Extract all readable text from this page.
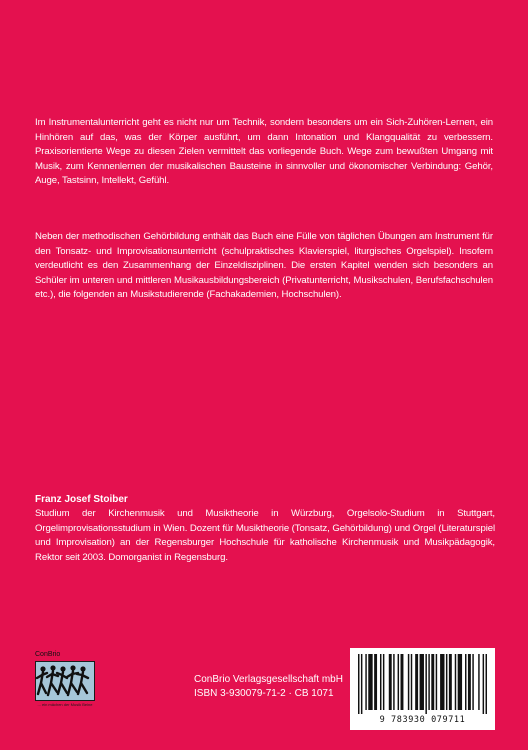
Im Instrumentalunterricht geht es nicht nur um Technik, sondern besonders um ein Sich-Zuhören-Lernen, ein Hinhören auf das, was der Körper ausführt, um dann Intonation und Klangqualität zu verbessern. Praxisorientierte Wege zu diesen Zielen vermittelt das vorliegende Buch. Wege zum bewußten Umgang mit Musik, zum Kennenlernen der musikalischen Bausteine in sinnvoller und ökonomischer Verbindung: Gehör, Auge, Tastsinn, Intellekt, Gefühl.

Neben der methodischen Gehörbildung enthält das Buch eine Fülle von täglichen Übungen am Instrument für den Tonsatz- und Improvisationsunterricht (schulpraktisches Klavierspiel, liturgisches Orgelspiel). Insofern verdeutlicht es den Zusammenhang der Einzeldisziplinen. Die ersten Kapitel wenden sich besonders an Schüler im unteren und mittleren Musikausbildungsbereich (Privatunterricht, Musikschulen, Berufsfachschulen etc.), die folgenden an Musikstudierende (Fachakademien, Hochschulen).

Franz Josef Stoiber

Studium der Kirchenmusik und Musiktheorie in Würzburg, Orgelsolo-Studium in Stuttgart, Orgelimprovisationsstudium in Wien. Dozent für Musiktheorie (Tonsatz, Gehörbildung) und Orgel (Literaturspiel und Improvisation) an der Regensburger Hochschule für katholische Kirchenmusik und Musikpädagogik, Rektor seit 2003. Domorganist in Regensburg.

ConBrio
... ein mächen der Musik Beine
ConBrio Verlagsgesellschaft mbH
ISBN 3-930079-71-2 · CB 1071
9 783930 079711
